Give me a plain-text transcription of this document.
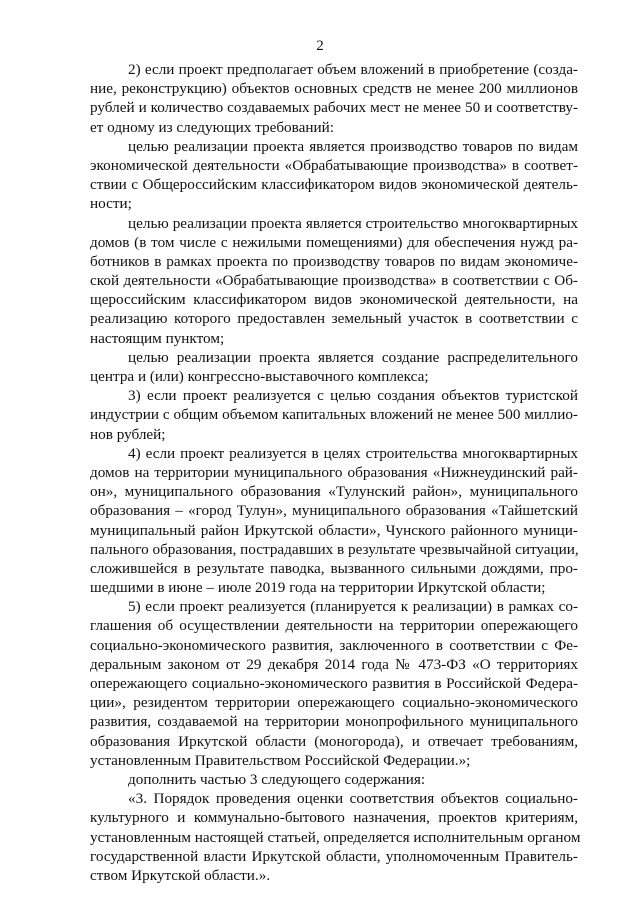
2
2) если проект предполагает объем вложений в приобретение (созда-
ние, реконструкцию) объектов основных средств не менее 200 миллионов
рублей и количество создаваемых рабочих мест не менее 50 и соответству-
ет одному из следующих требований:
целью реализации проекта является производство товаров по видам
экономической деятельности «Обрабатывающие производства» в соответ-
ствии с Общероссийским классификатором видов экономической деятель-
ности;
целью реализации проекта является строительство многоквартирных
домов (в том числе с нежилыми помещениями) для обеспечения нужд ра-
ботников в рамках проекта по производству товаров по видам экономиче-
ской деятельности «Обрабатывающие производства» в соответствии с Об-
щероссийским классификатором видов экономической деятельности, на
реализацию которого предоставлен земельный участок в соответствии с
настоящим пунктом;
целью реализации проекта является создание распределительного
центра и (или) конгрессно-выставочного комплекса;
3) если проект реализуется с целью создания объектов туристской
индустрии с общим объемом капитальных вложений не менее 500 миллио-
нов рублей;
4) если проект реализуется в целях строительства многоквартирных
домов на территории муниципального образования «Нижнеудинский рай-
он», муниципального образования «Тулунский район», муниципального
образования – «город Тулун», муниципального образования «Тайшетский
муниципальный район Иркутской области», Чунского районного муници-
пального образования, пострадавших в результате чрезвычайной ситуации,
сложившейся в результате паводка, вызванного сильными дождями, про-
шедшими в июне – июле 2019 года на территории Иркутской области;
5) если проект реализуется (планируется к реализации) в рамках со-
глашения об осуществлении деятельности на территории опережающего
социально-экономического развития, заключенного в соответствии с Фе-
деральным законом от 29 декабря 2014 года № 473-ФЗ «О территориях
опережающего социально-экономического развития в Российской Федера-
ции», резидентом территории опережающего социально-экономического
развития, создаваемой на территории монопрофильного муниципального
образования Иркутской области (моногорода), и отвечает требованиям,
установленным Правительством Российской Федерации.»;
дополнить частью 3 следующего содержания:
«3. Порядок проведения оценки соответствия объектов социально-
культурного и коммунально-бытового назначения, проектов критериям,
установленным настоящей статьей, определяется исполнительным органом
государственной власти Иркутской области, уполномоченным Правитель-
ством Иркутской области.».
